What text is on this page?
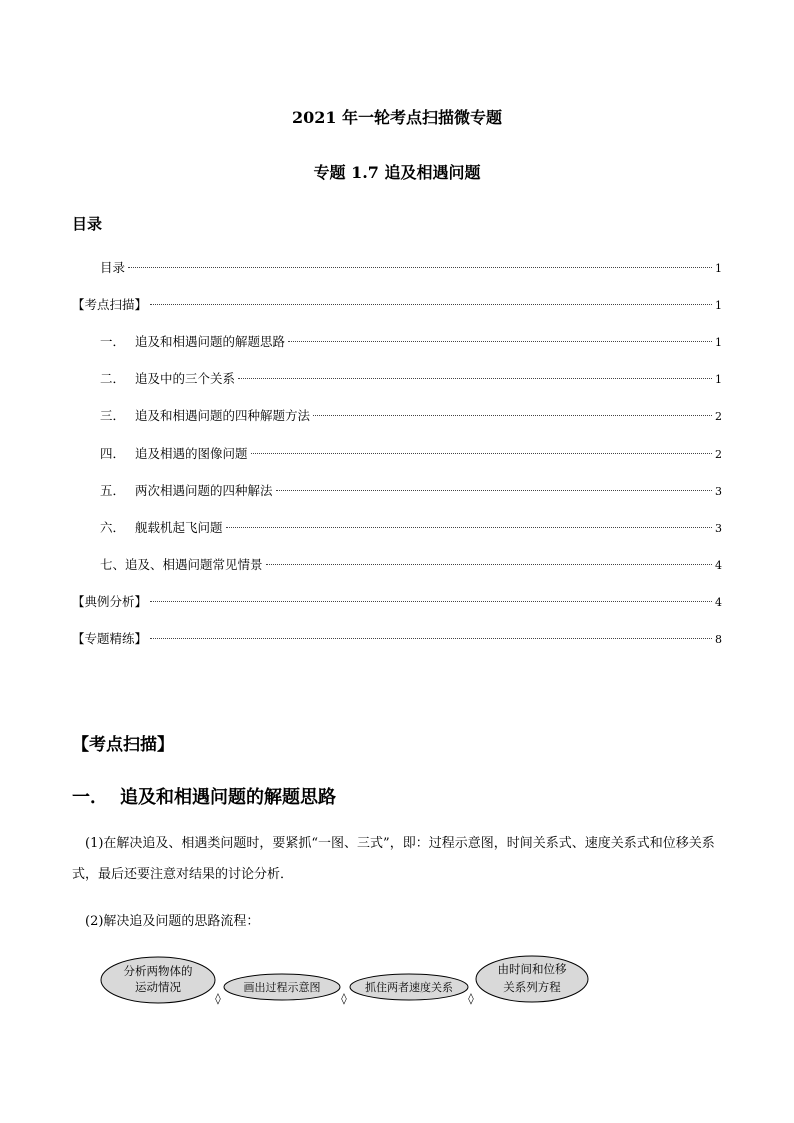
2021 年一轮考点扫描微专题
专题 1.7 追及相遇问题
目录
目录	1
【考点扫描】	1
一． 追及和相遇问题的解题思路	1
二． 追及中的三个关系	1
三． 追及和相遇问题的四种解题方法	2
四． 追及相遇的图像问题	2
五． 两次相遇问题的四种解法	3
六． 舰载机起飞问题	3
七、追及、相遇问题常见情景	4
【典例分析】	4
【专题精练】	8
【考点扫描】
一． 追及和相遇问题的解题思路
(1)在解决追及、相遇类问题时，要紧抓“一图、三式”，即：过程示意图，时间关系式、速度关系式和位移关系式，最后还要注意对结果的讨论分析．
(2)解决追及问题的思路流程：
分析两物体的
运动情况
◊
画出过程示意图
◊
抓住两者速度关系
◊
由时间和位移
关系列方程
